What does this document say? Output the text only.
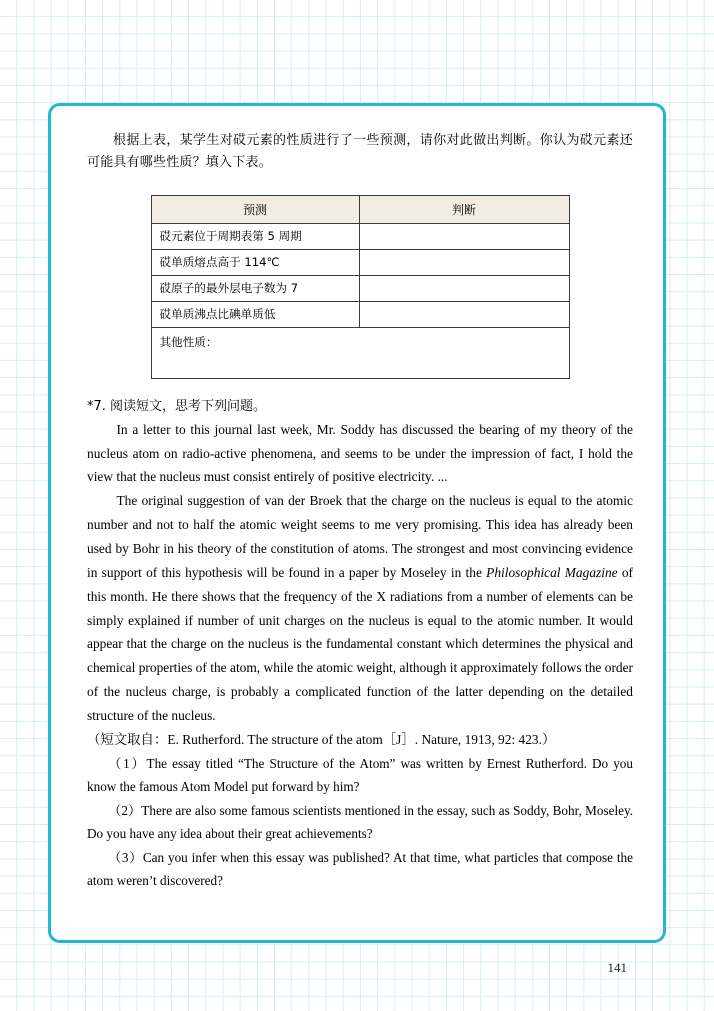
根据上表，某学生对砹元素的性质进行了一些预测，请你对此做出判断。你认为砹元素还可能具有哪些性质？填入下表。

预测	判断
砹元素位于周期表第 5 周期	
砹单质熔点高于 114℃	
砹原子的最外层电子数为 7	
砹单质沸点比碘单质低	
其他性质：	

*7. 阅读短文，思考下列问题。

In a letter to this journal last week, Mr. Soddy has discussed the bearing of my theory of the nucleus atom on radio-active phenomena, and seems to be under the impression of fact, I hold the view that the nucleus must consist entirely of positive electricity. ...

The original suggestion of van der Broek that the charge on the nucleus is equal to the atomic number and not to half the atomic weight seems to me very promising. This idea has already been used by Bohr in his theory of the constitution of atoms. The strongest and most convincing evidence in support of this hypothesis will be found in a paper by Moseley in the Philosophical Magazine of this month. He there shows that the frequency of the X radiations from a number of elements can be simply explained if number of unit charges on the nucleus is equal to the atomic number. It would appear that the charge on the nucleus is the fundamental constant which determines the physical and chemical properties of the atom, while the atomic weight, although it approximately follows the order of the nucleus charge, is probably a complicated function of the latter depending on the detailed structure of the nucleus.

（短文取自：E. Rutherford. The structure of the atom［J］. Nature, 1913, 92: 423.）

（1）The essay titled “The Structure of the Atom” was written by Ernest Rutherford. Do you know the famous Atom Model put forward by him?

（2）There are also some famous scientists mentioned in the essay, such as Soddy, Bohr, Moseley. Do you have any idea about their great achievements?

（3）Can you infer when this essay was published? At that time, what particles that compose the atom weren’t discovered?

141
